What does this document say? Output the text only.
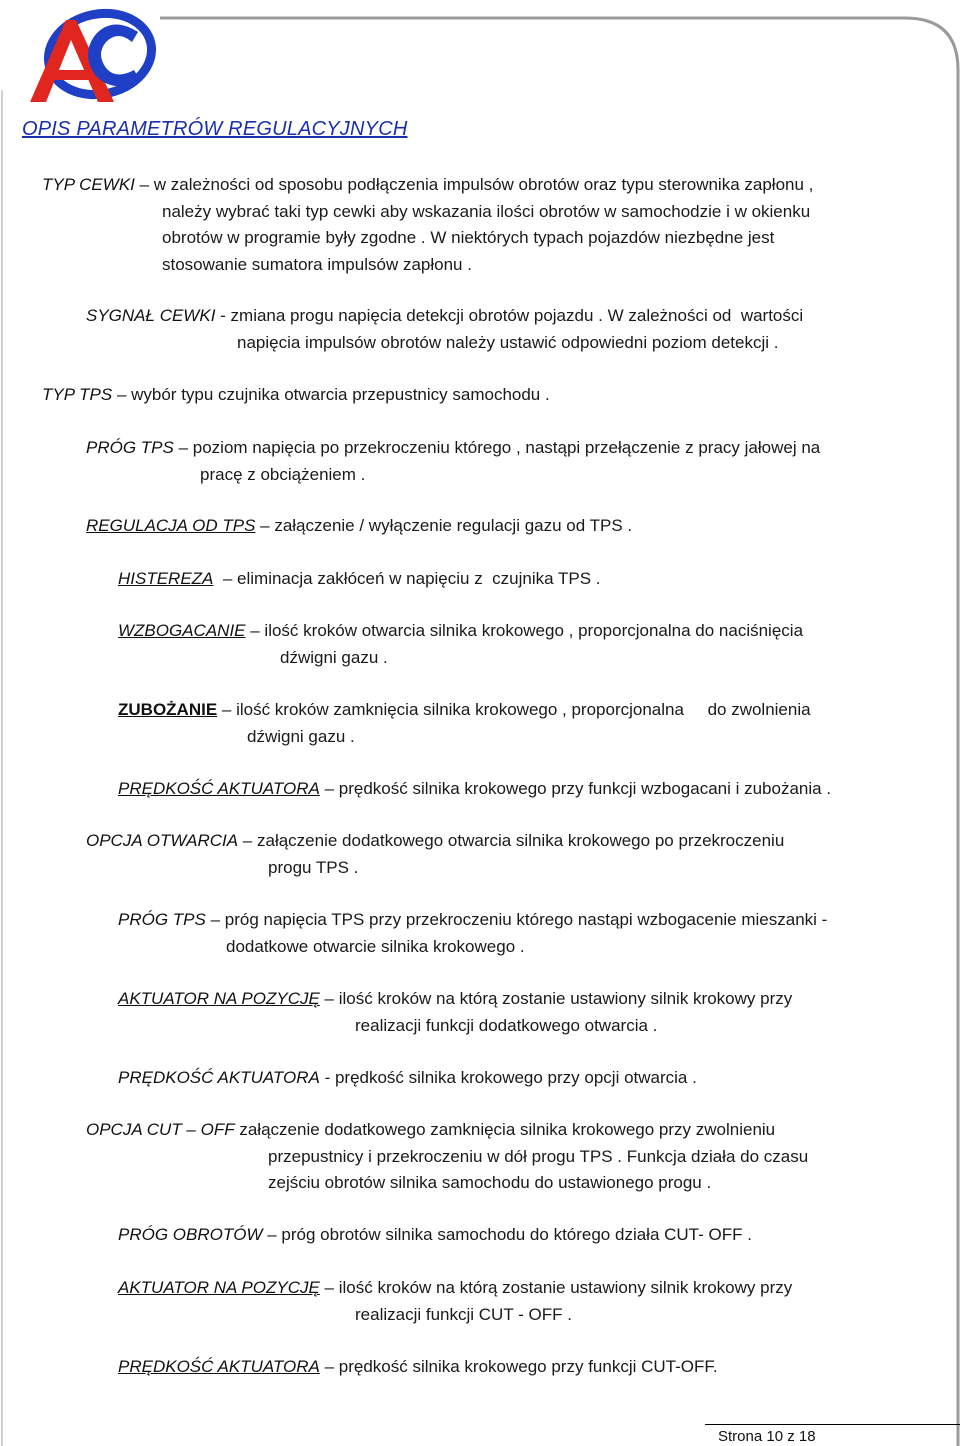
OPIS PARAMETRÓW REGULACYJNYCH
TYP CEWKI – w zależności od sposobu podłączenia impulsów obrotów oraz typu sterownika zapłonu ,
należy wybrać taki typ cewki aby wskazania ilości obrotów w samochodzie i w okienku
obrotów w programie były zgodne . W niektórych typach pojazdów niezbędne jest
stosowanie sumatora impulsów zapłonu .
SYGNAŁ CEWKI - zmiana progu napięcia detekcji obrotów pojazdu . W zależności od  wartości
napięcia impulsów obrotów należy ustawić odpowiedni poziom detekcji .
TYP TPS – wybór typu czujnika otwarcia przepustnicy samochodu .
PRÓG TPS – poziom napięcia po przekroczeniu którego , nastąpi przełączenie z pracy jałowej na
pracę z obciążeniem .
REGULACJA OD TPS – załączenie / wyłączenie regulacji gazu od TPS .
HISTEREZA  – eliminacja zakłóceń w napięciu z  czujnika TPS .
WZBOGACANIE – ilość kroków otwarcia silnika krokowego , proporcjonalna do naciśnięcia
dźwigni gazu .
ZUBOŻANIE – ilość kroków zamknięcia silnika krokowego , proporcjonalna     do zwolnienia
dźwigni gazu .
PRĘDKOŚĆ AKTUATORA – prędkość silnika krokowego przy funkcji wzbogacani i zubożania .
OPCJA OTWARCIA – załączenie dodatkowego otwarcia silnika krokowego po przekroczeniu
progu TPS .
PRÓG TPS – próg napięcia TPS przy przekroczeniu którego nastąpi wzbogacenie mieszanki -
dodatkowe otwarcie silnika krokowego .
AKTUATOR NA POZYCJĘ – ilość kroków na którą zostanie ustawiony silnik krokowy przy
realizacji funkcji dodatkowego otwarcia .
PRĘDKOŚĆ AKTUATORA - prędkość silnika krokowego przy opcji otwarcia .
OPCJA CUT – OFF załączenie dodatkowego zamknięcia silnika krokowego przy zwolnieniu
przepustnicy i przekroczeniu w dół progu TPS . Funkcja działa do czasu
zejściu obrotów silnika samochodu do ustawionego progu .
PRÓG OBROTÓW – próg obrotów silnika samochodu do którego działa CUT- OFF .
AKTUATOR NA POZYCJĘ – ilość kroków na którą zostanie ustawiony silnik krokowy przy
realizacji funkcji CUT - OFF .
PRĘDKOŚĆ AKTUATORA – prędkość silnika krokowego przy funkcji CUT-OFF.
Strona 10 z 18
